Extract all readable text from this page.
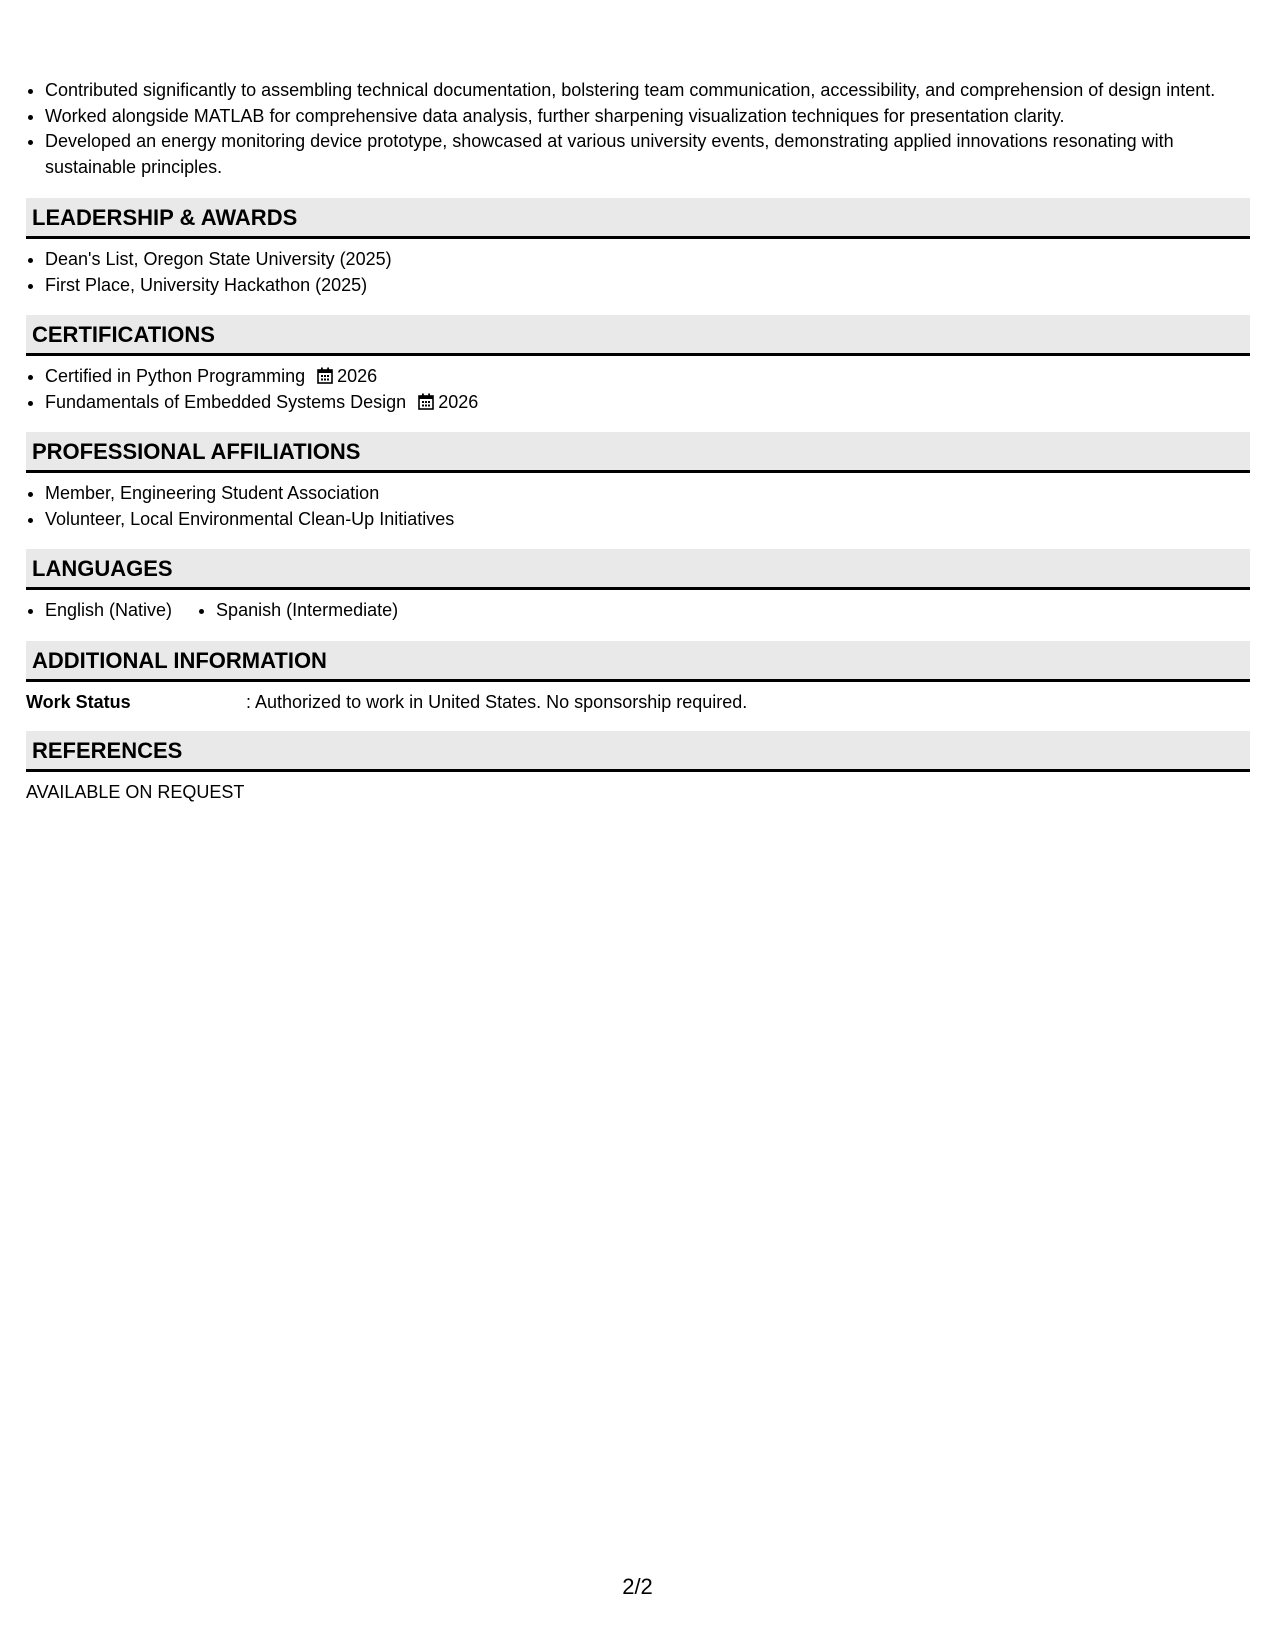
• Contributed significantly to assembling technical documentation, bolstering team communication, accessibility, and comprehension of design intent.
• Worked alongside MATLAB for comprehensive data analysis, further sharpening visualization techniques for presentation clarity.
• Developed an energy monitoring device prototype, showcased at various university events, demonstrating applied innovations resonating with sustainable principles.
LEADERSHIP & AWARDS
• Dean's List, Oregon State University (2025)
• First Place, University Hackathon (2025)
CERTIFICATIONS
• Certified in Python Programming 2026
• Fundamentals of Embedded Systems Design 2026
PROFESSIONAL AFFILIATIONS
• Member, Engineering Student Association
• Volunteer, Local Environmental Clean-Up Initiatives
LANGUAGES
• English (Native)
• Spanish (Intermediate)
ADDITIONAL INFORMATION
Work Status	: Authorized to work in United States. No sponsorship required.
REFERENCES
AVAILABLE ON REQUEST
2/2
